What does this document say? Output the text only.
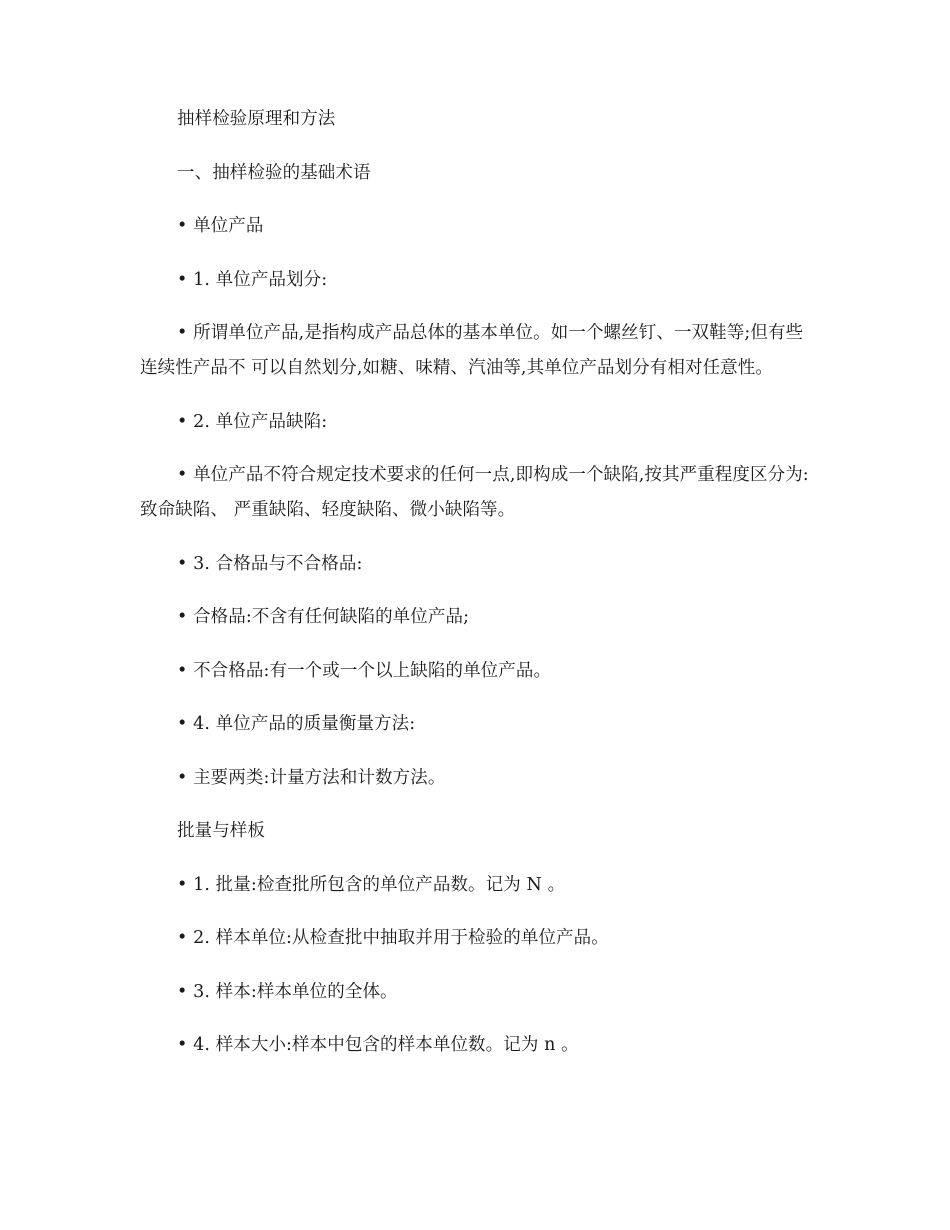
抽样检验原理和方法

一、抽样检验的基础术语

• 单位产品

• 1. 单位产品划分:

• 所谓单位产品,是指构成产品总体的基本单位。如一个螺丝钉、一双鞋等;但有些连续性产品不 可以自然划分,如糖、味精、汽油等,其单位产品划分有相对任意性。

• 2. 单位产品缺陷:

• 单位产品不符合规定技术要求的任何一点,即构成一个缺陷,按其严重程度区分为:致命缺陷、 严重缺陷、轻度缺陷、微小缺陷等。

• 3. 合格品与不合格品:

• 合格品:不含有任何缺陷的单位产品;

• 不合格品:有一个或一个以上缺陷的单位产品。

• 4. 单位产品的质量衡量方法:

• 主要两类:计量方法和计数方法。

批量与样板

• 1. 批量:检查批所包含的单位产品数。记为 N 。

• 2. 样本单位:从检查批中抽取并用于检验的单位产品。

• 3. 样本:样本单位的全体。

• 4. 样本大小:样本中包含的样本单位数。记为 n 。
